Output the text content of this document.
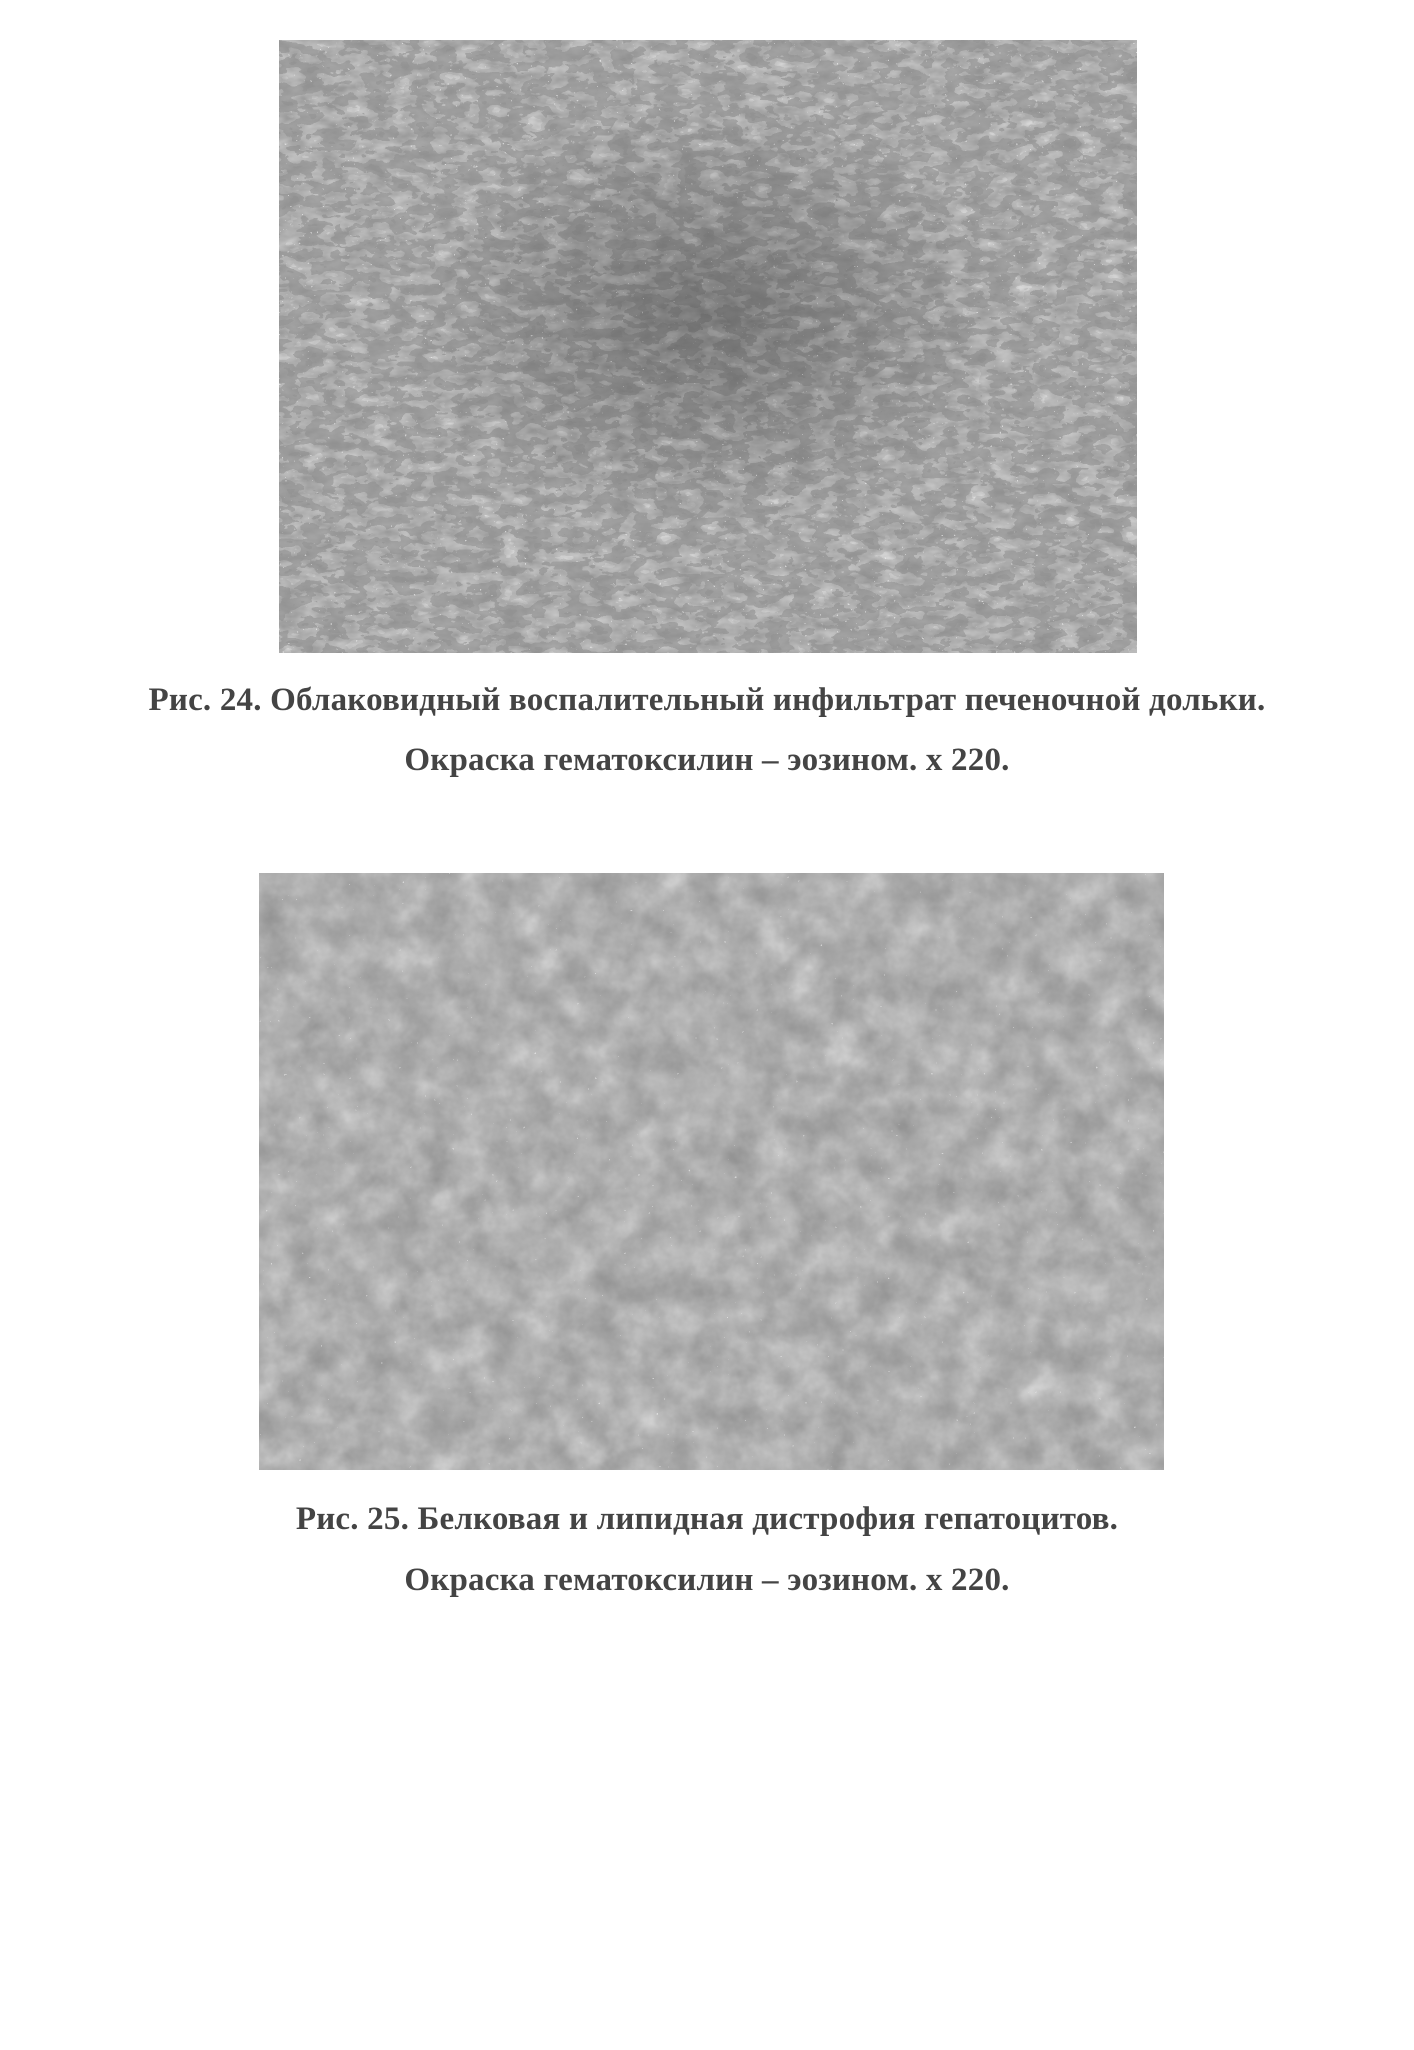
Рис. 24. Облаковидный воспалительный инфильтрат печеночной дольки.
Окраска гематоксилин – эозином. х 220.
Рис. 25. Белковая и липидная дистрофия гепатоцитов.
Окраска гематоксилин – эозином. х 220.
